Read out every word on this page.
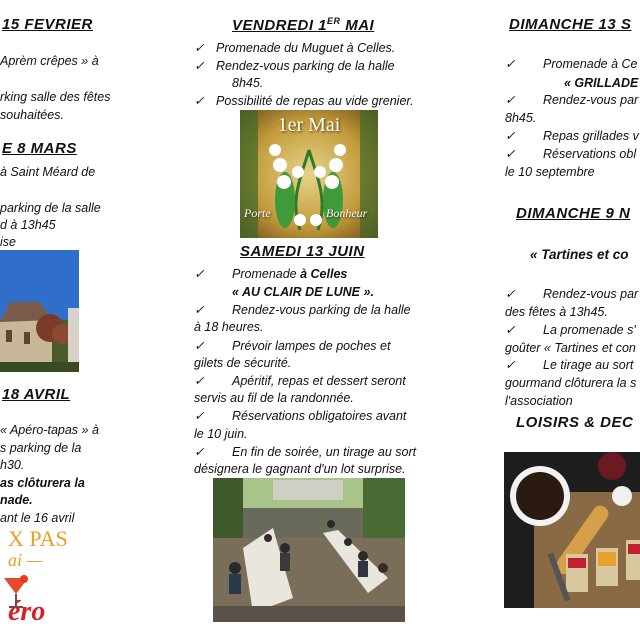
15 FEVRIER
Aprèm crêpes » à
rking salle des fêtes
souhaitées.
E 8 MARS
à Saint Méard de
parking de la salle
d à 13h45
ise
18 AVRIL
« Apéro-tapas » à
s parking de la
h30.
as clôturera la
nade.
ant le 16 avril
X PAS
ai —
éro
VENDREDI 1ER MAI
✓ Promenade du Muguet à Celles.
✓ Rendez-vous parking de la halle
8h45.
✓ Possibilité de repas au vide grenier.
1er Mai
Porte	Bonheur
SAMEDI 13 JUIN
✓ Promenade à Celles
« AU CLAIR DE LUNE ».
✓ Rendez-vous parking de la halle
à 18 heures.
✓ Prévoir lampes de poches et
gilets de sécurité.
✓ Apéritif, repas et dessert seront
servis au fil de la randonnée.
✓ Réservations obligatoires avant
le 10 juin.
✓ En fin de soirée, un tirage au sort
désignera le gagnant d'un lot surprise.
DIMANCHE 13 S
✓ Promenade à Ce
« GRILLADE
✓ Rendez-vous par
8h45.
✓ Repas grillades v
✓ Réservations obl
le 10 septembre
DIMANCHE 9 N
« Tartines et co
✓ Rendez-vous par
des fêtes à 13h45.
✓ La promenade s'
goûter « Tartines et con
✓ Le tirage au sort
gourmand clôturera la s
l'association
LOISIRS & DEC
